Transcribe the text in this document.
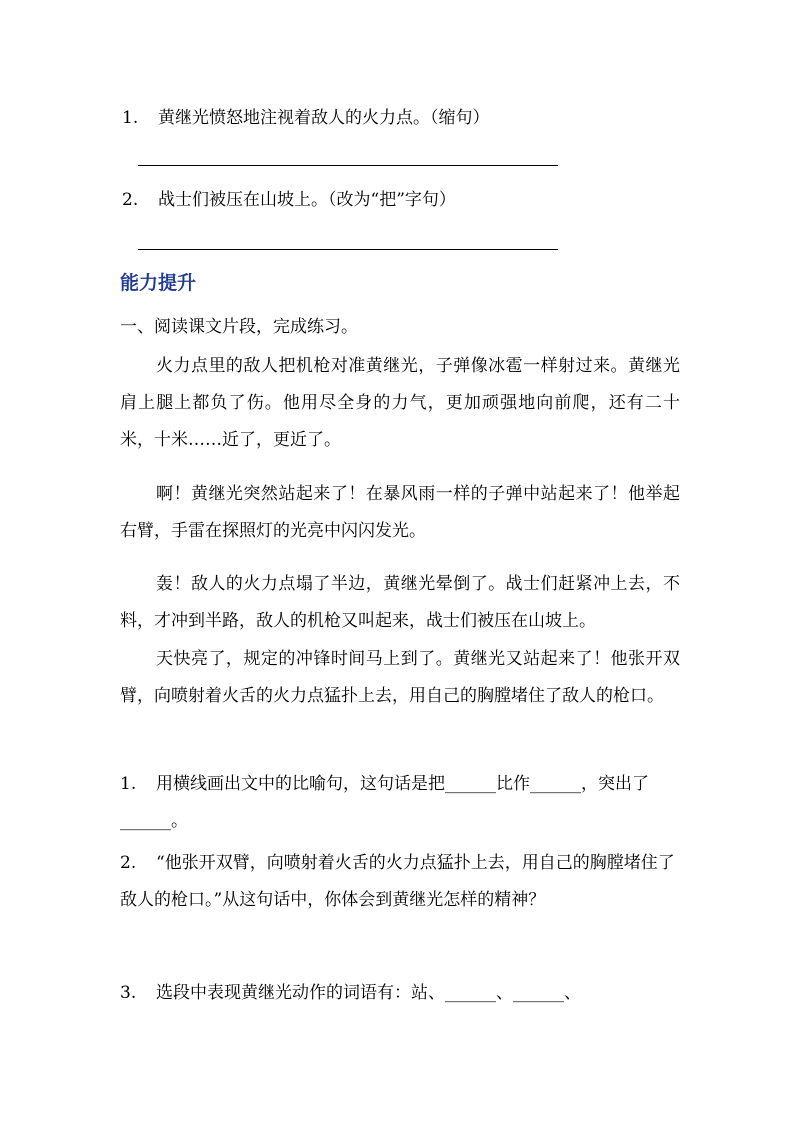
1. 黄继光愤怒地注视着敌人的火力点。（缩句）
2. 战士们被压在山坡上。（改为“把”字句）
能力提升
一、阅读课文片段，完成练习。
火力点里的敌人把机枪对准黄继光，子弹像冰雹一样射过来。黄继光肩上腿上都负了伤。他用尽全身的力气，更加顽强地向前爬，还有二十米，十米……近了，更近了。
啊！黄继光突然站起来了！在暴风雨一样的子弹中站起来了！他举起右臂，手雷在探照灯的光亮中闪闪发光。
轰！敌人的火力点塌了半边，黄继光晕倒了。战士们赶紧冲上去，不料，才冲到半路，敌人的机枪又叫起来，战士们被压在山坡上。
天快亮了，规定的冲锋时间马上到了。黄继光又站起来了！他张开双臂，向喷射着火舌的火力点猛扑上去，用自己的胸膛堵住了敌人的枪口。
1. 用横线画出文中的比喻句，这句话是把______比作______，突出了______。
2. “他张开双臂，向喷射着火舌的火力点猛扑上去，用自己的胸膛堵住了敌人的枪口。”从这句话中，你体会到黄继光怎样的精神？
3. 选段中表现黄继光动作的词语有：站、______、______、
